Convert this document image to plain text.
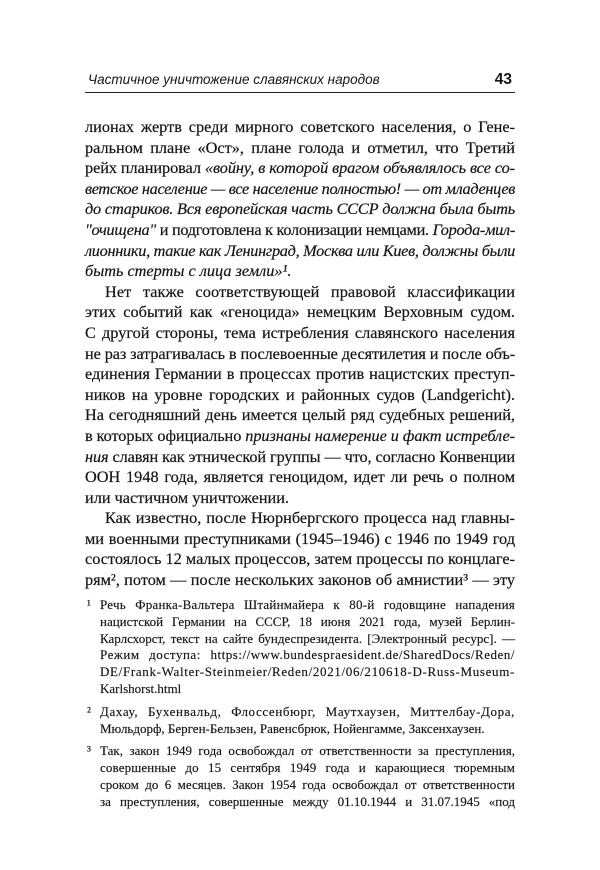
Частичное уничтожение славянских народов	43
лионах жертв среди мирного советского населения, о Гене-
ральном плане «Ост», плане голода и отметил, что Третий
рейх планировал «войну, в которой врагом объявлялось все со-
ветское население — все население полностью! — от младенцев
до стариков. Вся европейская часть СССР должна была быть
"очищена" и подготовлена к колонизации немцами. Города-мил-
лионники, такие как Ленинград, Москва или Киев, должны были
быть стерты с лица земли»¹.
Нет также соответствующей правовой классификации
этих событий как «геноцида» немецким Верховным судом.
С другой стороны, тема истребления славянского населения
не раз затрагивалась в послевоенные десятилетия и после объ-
единения Германии в процессах против нацистских преступ-
ников на уровне городских и районных судов (Landgericht).
На сегодняшний день имеется целый ряд судебных решений,
в которых официально признаны намерение и факт истребле-
ния славян как этнической группы — что, согласно Конвенции
ООН 1948 года, является геноцидом, идет ли речь о полном
или частичном уничтожении.
Как известно, после Нюрнбергского процесса над главны-
ми военными преступниками (1945–1946) с 1946 по 1949 год
состоялось 12 малых процессов, затем процессы по концлаге-
рям², потом — после нескольких законов об амнистии³ — эту
¹ Речь Франка-Вальтера Штайнмайера к 80-й годовщине нападения
нацистской Германии на СССР, 18 июня 2021 года, музей Берлин-
Карлсхорст, текст на сайте бундеспрезидента. [Электронный ресурс]. —
Режим доступа: https://www.bundespraesident.de/SharedDocs/Reden/
DE/Frank-Walter-Steinmeier/Reden/2021/06/210618-D-Russ-Museum-
Karlshorst.html
² Дахау, Бухенвальд, Флоссенбюрг, Маутхаузен, Миттелбау-Дора,
Мюльдорф, Берген-Бельзен, Равенсбрюк, Нойенгамме, Заксенхаузен.
³ Так, закон 1949 года освобождал от ответственности за преступления,
совершенные до 15 сентября 1949 года и карающиеся тюремным
сроком до 6 месяцев. Закон 1954 года освобождал от ответственности
за преступления, совершенные между 01.10.1944 и 31.07.1945 «под
